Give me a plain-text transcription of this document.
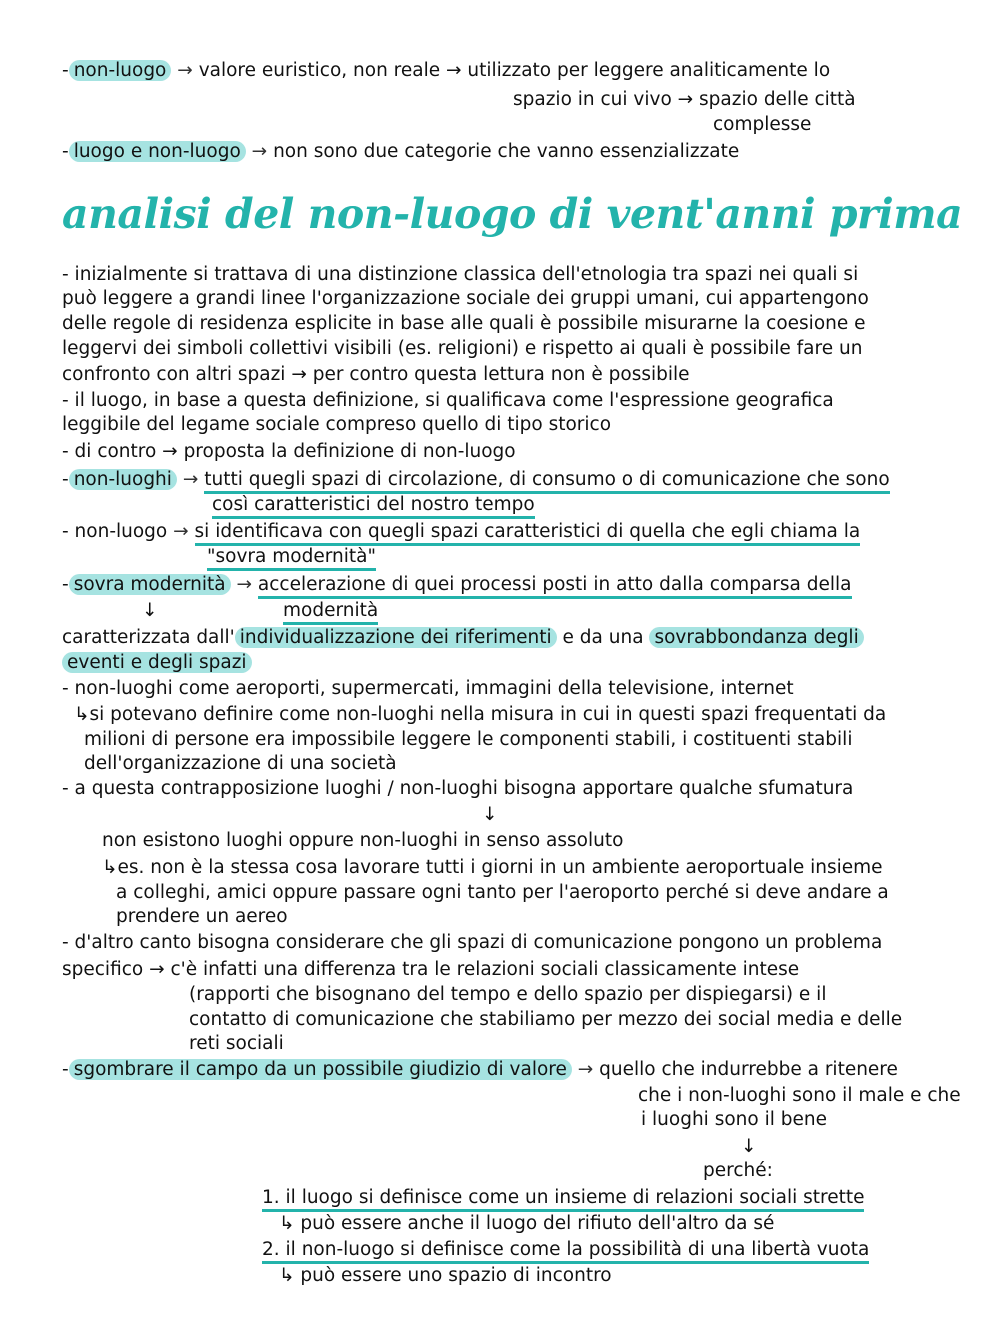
- non-luogo → valore euristico, non reale → utilizzato per leggere analiticamente lo
spazio in cui vivo → spazio delle città
complesse
- luogo e non-luogo → non sono due categorie che vanno essenzializzate
analisi del non-luogo di vent'anni prima
- inizialmente si trattava di una distinzione classica dell'etnologia tra spazi nei quali si
può leggere a grandi linee l'organizzazione sociale dei gruppi umani, cui appartengono
delle regole di residenza esplicite in base alle quali è possibile misurarne la coesione e
leggervi dei simboli collettivi visibili (es. religioni) e rispetto ai quali è possibile fare un
confronto con altri spazi → per contro questa lettura non è possibile
- il luogo, in base a questa definizione, si qualificava come l'espressione geografica
leggibile del legame sociale compreso quello di tipo storico
- di contro → proposta la definizione di non-luogo
- non-luoghi → tutti quegli spazi di circolazione, di consumo o di comunicazione che sono
così caratteristici del nostro tempo
- non-luogo → si identificava con quegli spazi caratteristici di quella che egli chiama la
"sovra modernità"
- sovra modernità → accelerazione di quei processi posti in atto dalla comparsa della
↓	modernità
caratterizzata dall' individualizzazione dei riferimenti e da una sovrabbondanza degli
eventi e degli spazi
- non-luoghi come aeroporti, supermercati, immagini della televisione, internet
↳si potevano definire come non-luoghi nella misura in cui in questi spazi frequentati da
milioni di persone era impossibile leggere le componenti stabili, i costituenti stabili
dell'organizzazione di una società
- a questa contrapposizione luoghi / non-luoghi bisogna apportare qualche sfumatura
↓
non esistono luoghi oppure non-luoghi in senso assoluto
↳es. non è la stessa cosa lavorare tutti i giorni in un ambiente aeroportuale insieme
a colleghi, amici oppure passare ogni tanto per l'aeroporto perché si deve andare a
prendere un aereo
- d'altro canto bisogna considerare che gli spazi di comunicazione pongono un problema
specifico → c'è infatti una differenza tra le relazioni sociali classicamente intese
(rapporti che bisognano del tempo e dello spazio per dispiegarsi) e il
contatto di comunicazione che stabiliamo per mezzo dei social media e delle
reti sociali
- sgombrare il campo da un possibile giudizio di valore → quello che indurrebbe a ritenere
che i non-luoghi sono il male e che
i luoghi sono il bene
↓
perché:
1. il luogo si definisce come un insieme di relazioni sociali strette
↳ può essere anche il luogo del rifiuto dell'altro da sé
2. il non-luogo si definisce come la possibilità di una libertà vuota
↳ può essere uno spazio di incontro
